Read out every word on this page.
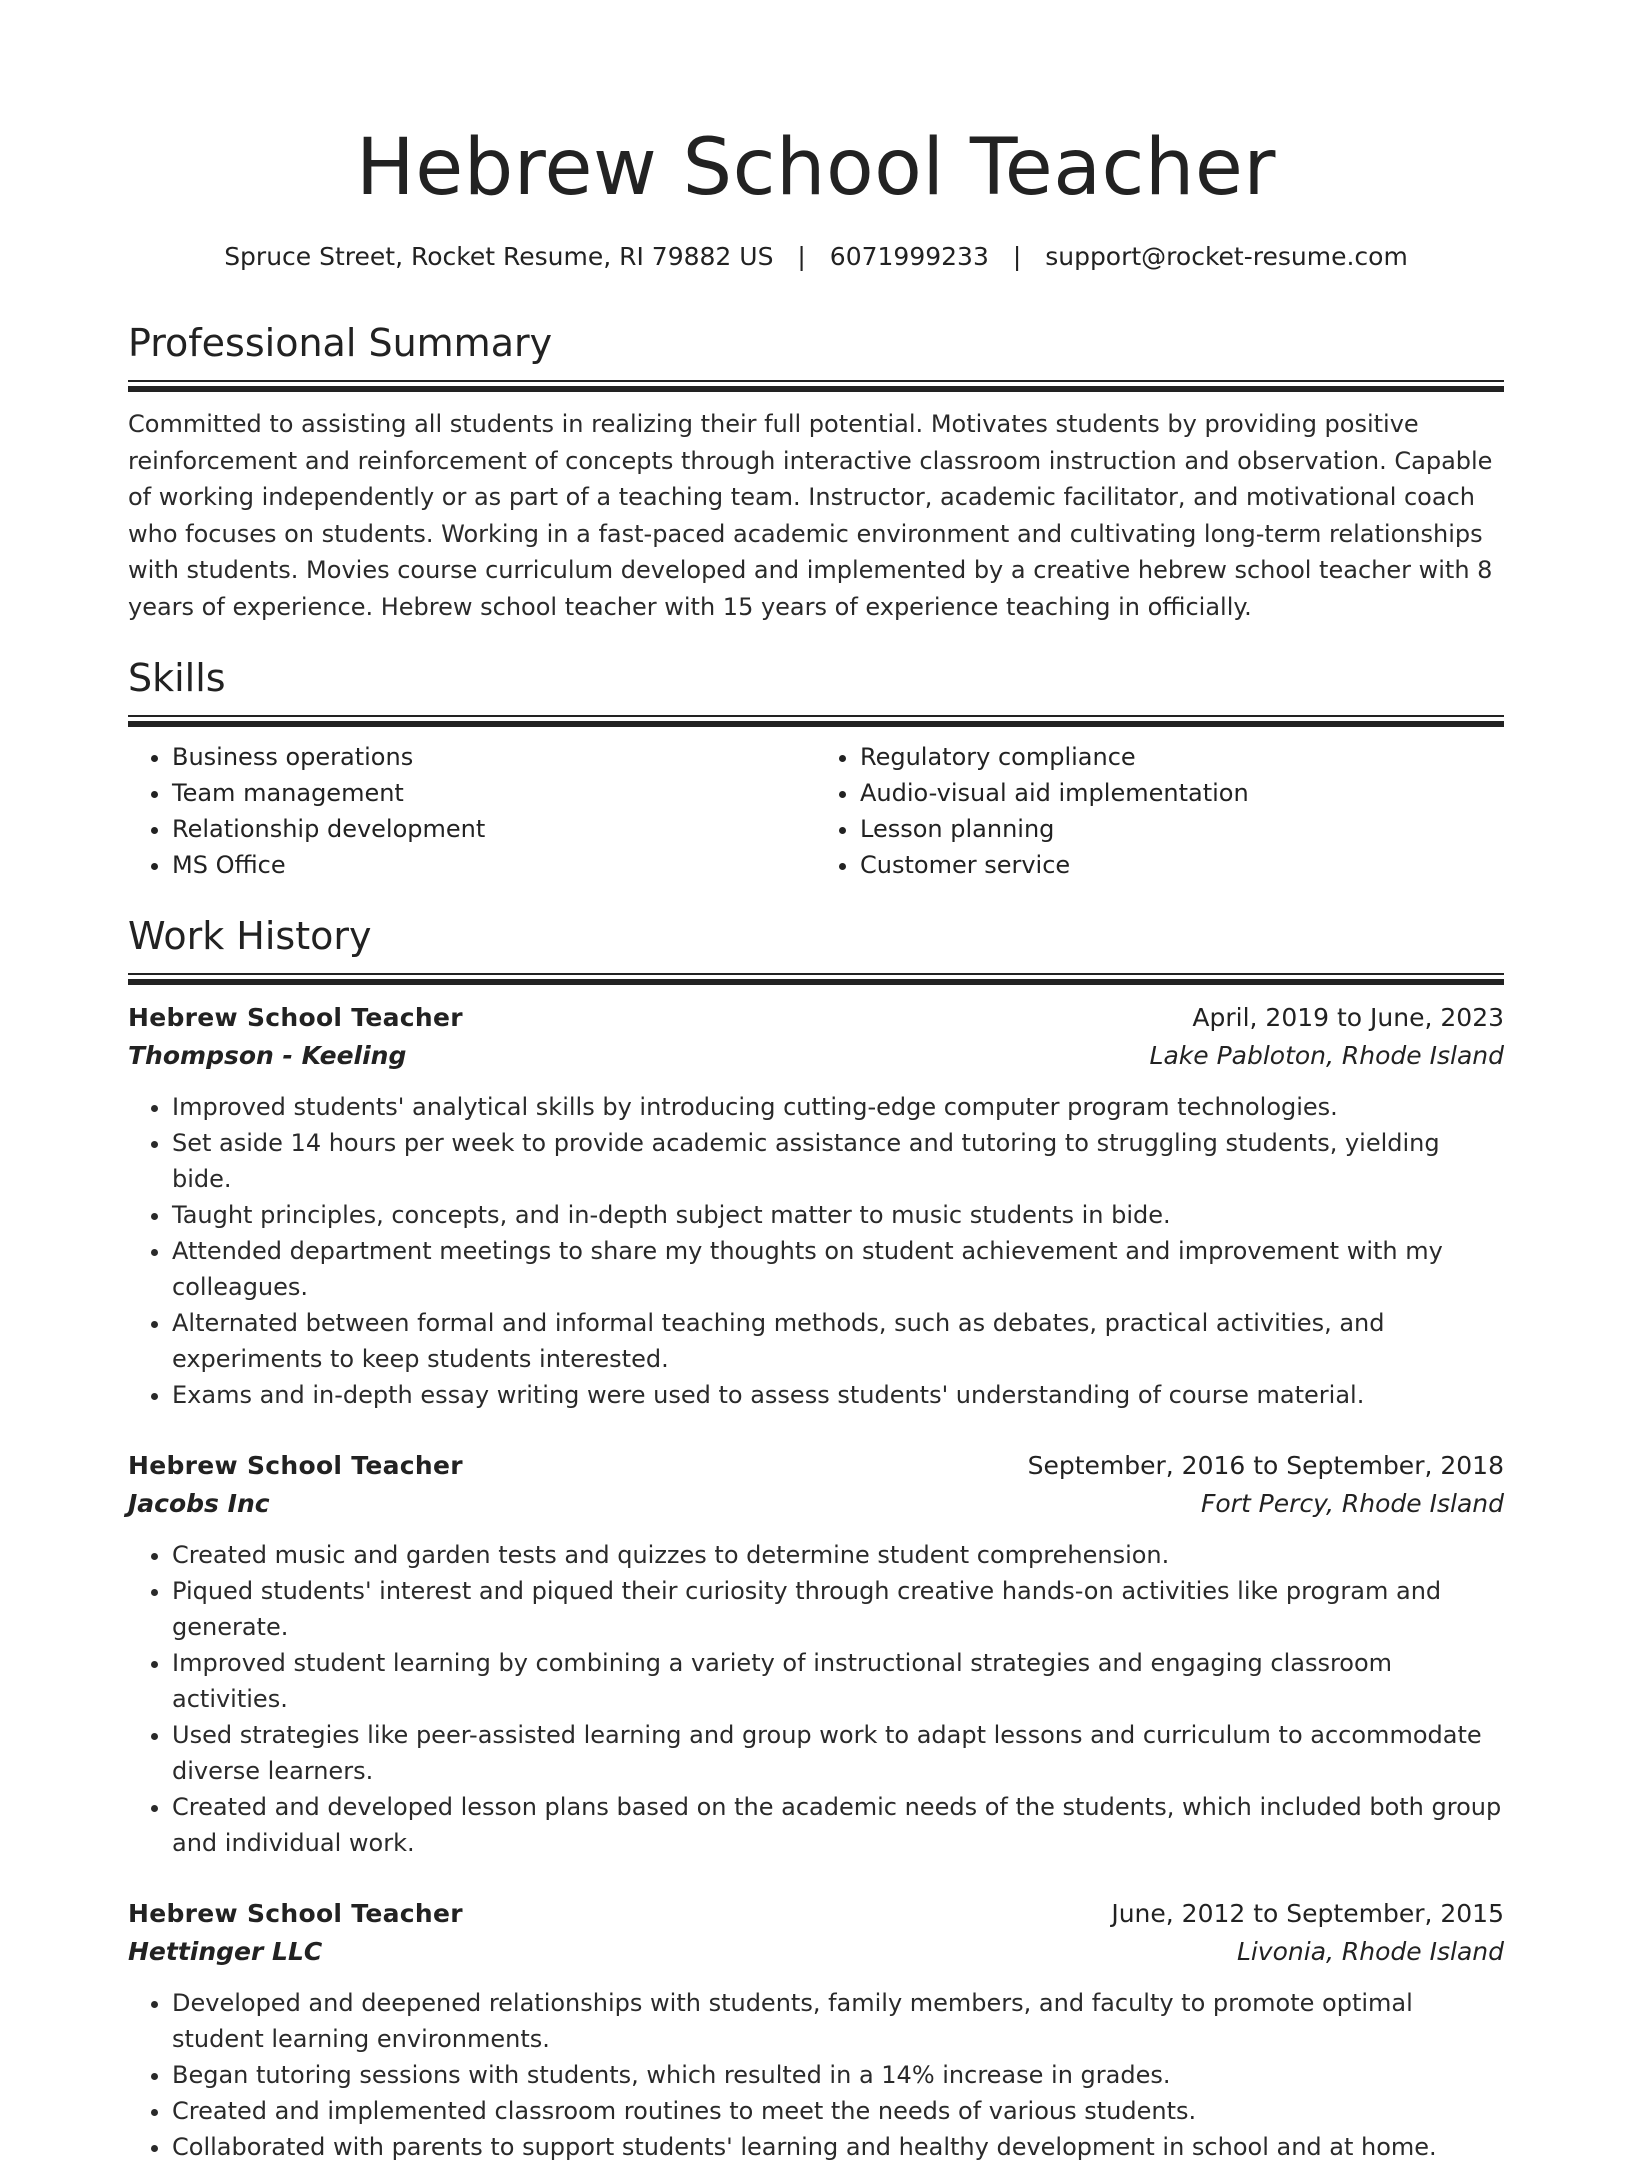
Hebrew School Teacher
Spruce Street, Rocket Resume, RI 79882 US | 6071999233 | support@rocket-resume.com
Professional Summary
Committed to assisting all students in realizing their full potential. Motivates students by providing positive reinforcement and reinforcement of concepts through interactive classroom instruction and observation. Capable of working independently or as part of a teaching team. Instructor, academic facilitator, and motivational coach who focuses on students. Working in a fast-paced academic environment and cultivating long-term relationships with students. Movies course curriculum developed and implemented by a creative hebrew school teacher with 8 years of experience. Hebrew school teacher with 15 years of experience teaching in officially.
Skills
• Business operations
• Team management
• Relationship development
• MS Office
• Regulatory compliance
• Audio-visual aid implementation
• Lesson planning
• Customer service
Work History
Hebrew School Teacher	April, 2019 to June, 2023
Thompson - Keeling	Lake Pabloton, Rhode Island
• Improved students' analytical skills by introducing cutting-edge computer program technologies.
• Set aside 14 hours per week to provide academic assistance and tutoring to struggling students, yielding bide.
• Taught principles, concepts, and in-depth subject matter to music students in bide.
• Attended department meetings to share my thoughts on student achievement and improvement with my colleagues.
• Alternated between formal and informal teaching methods, such as debates, practical activities, and experiments to keep students interested.
• Exams and in-depth essay writing were used to assess students' understanding of course material.
Hebrew School Teacher	September, 2016 to September, 2018
Jacobs Inc	Fort Percy, Rhode Island
• Created music and garden tests and quizzes to determine student comprehension.
• Piqued students' interest and piqued their curiosity through creative hands-on activities like program and generate.
• Improved student learning by combining a variety of instructional strategies and engaging classroom activities.
• Used strategies like peer-assisted learning and group work to adapt lessons and curriculum to accommodate diverse learners.
• Created and developed lesson plans based on the academic needs of the students, which included both group and individual work.
Hebrew School Teacher	June, 2012 to September, 2015
Hettinger LLC	Livonia, Rhode Island
• Developed and deepened relationships with students, family members, and faculty to promote optimal student learning environments.
• Began tutoring sessions with students, which resulted in a 14% increase in grades.
• Created and implemented classroom routines to meet the needs of various students.
• Collaborated with parents to support students' learning and healthy development in school and at home.
